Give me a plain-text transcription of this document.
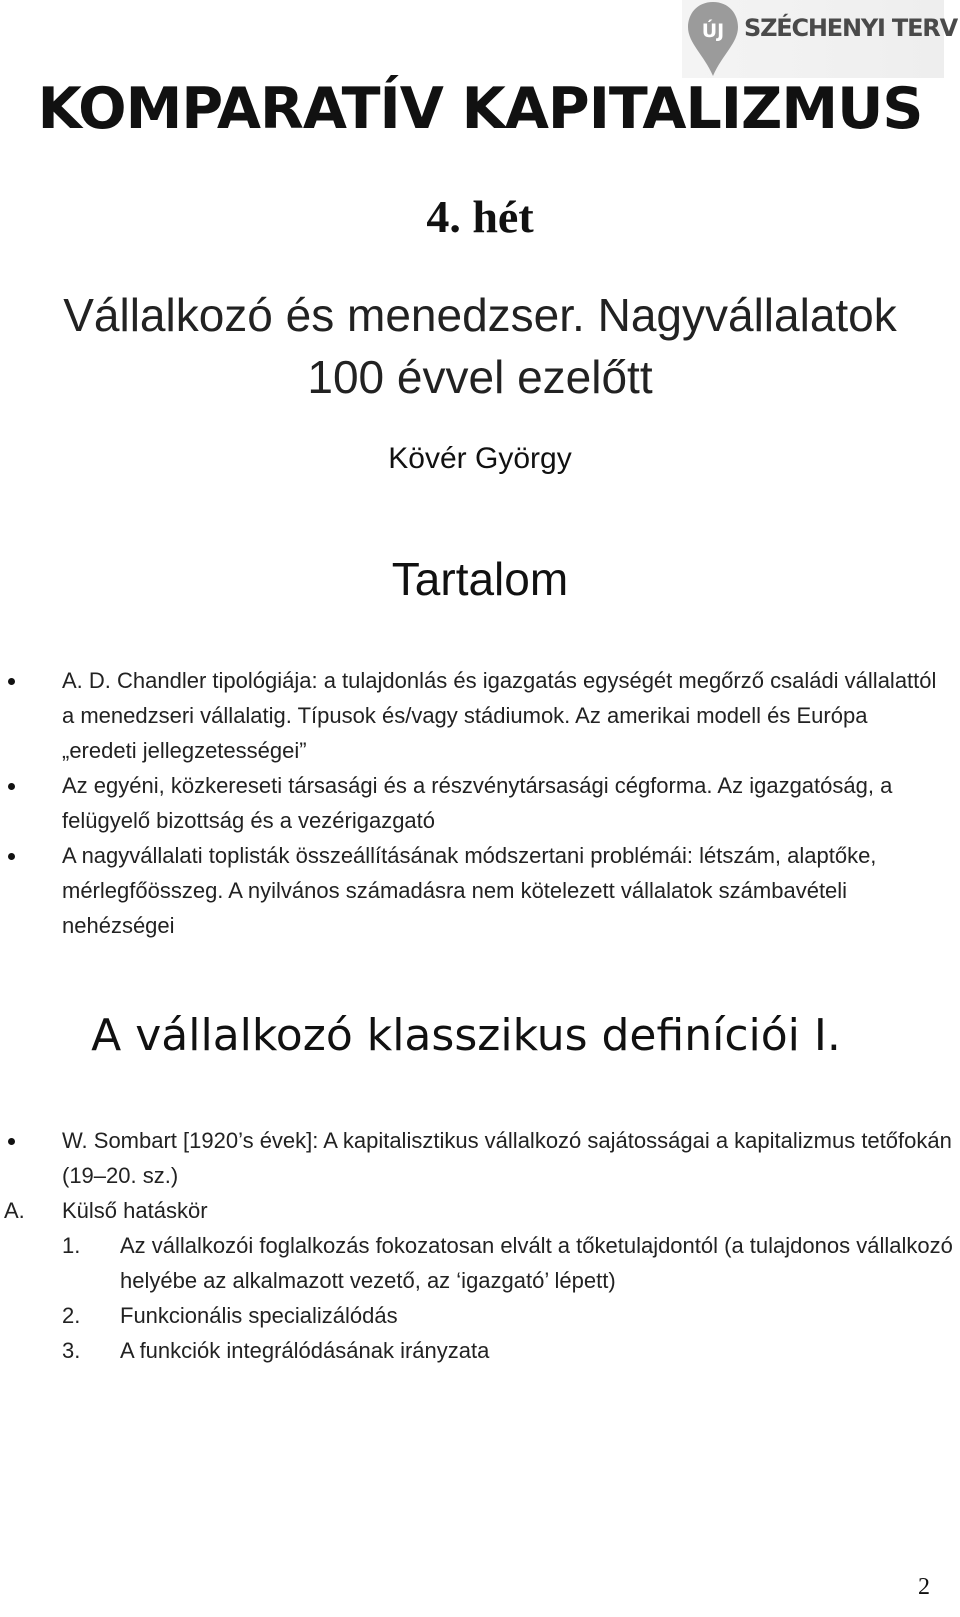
ÚJ SZÉCHENYI TERV
KOMPARATÍV KAPITALIZMUS
4. hét
Vállalkozó és menedzser. Nagyvállalatok
100 évvel ezelőtt
Kövér György
Tartalom
A. D. Chandler tipológiája: a tulajdonlás és igazgatás egységét megőrző családi vállalattól a menedzseri vállalatig. Típusok és/vagy stádiumok. Az amerikai modell és Európa „eredeti jellegzetességei”
Az egyéni, közkereseti társasági és a részvénytársasági cégforma. Az igazgatóság, a felügyelő bizottság és a vezérigazgató
A nagyvállalati toplisták összeállításának módszertani problémái: létszám, alaptőke, mérlegfőösszeg. A nyilvános számadásra nem kötelezett vállalatok számbavételi nehézségei
A vállalkozó klasszikus definíciói I.
W. Sombart [1920’s évek]: A kapitalisztikus vállalkozó sajátosságai a kapitalizmus tetőfokán (19–20. sz.)
A. Külső hatáskör
1. Az vállalkozói foglalkozás fokozatosan elvált a tőketulajdontól (a tulajdonos vállalkozó helyébe az alkalmazott vezető, az ‘igazgató’ lépett)
2. Funkcionális specializálódás
3. A funkciók integrálódásának irányzata
2
